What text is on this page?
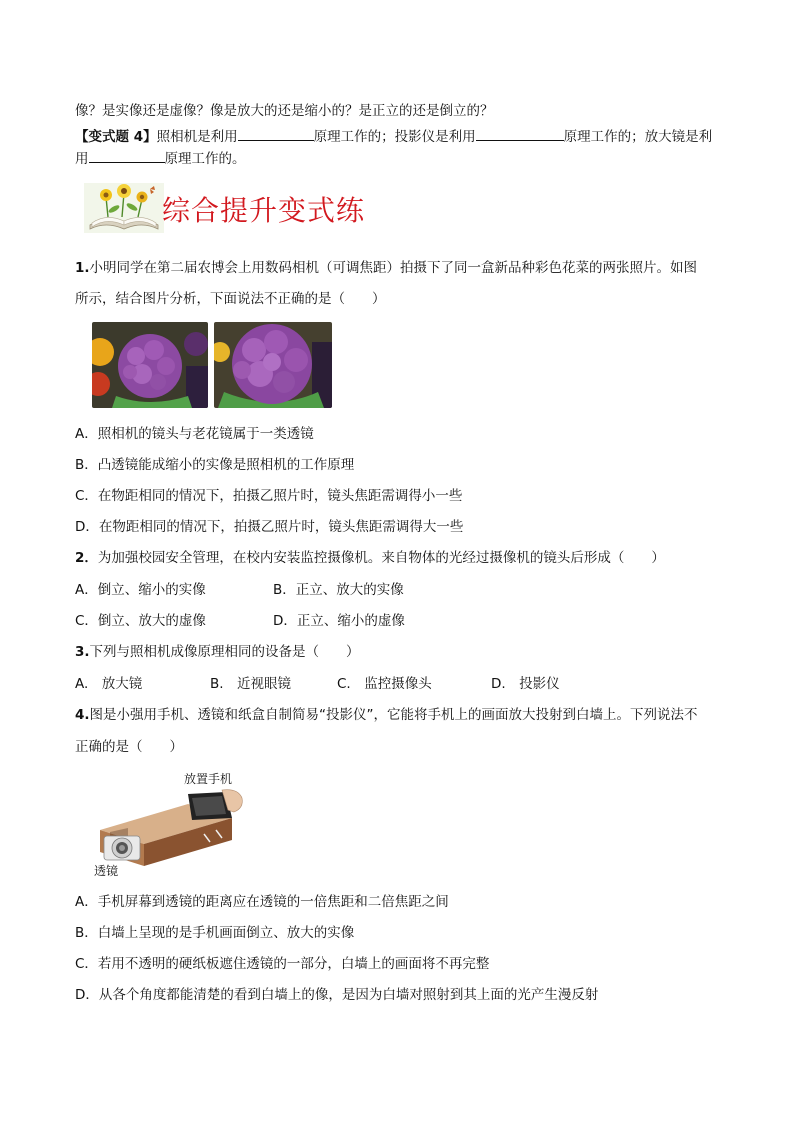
像？是实像还是虚像？像是放大的还是缩小的？是正立的还是倒立的？
【变式题 4】照相机是利用	原理工作的；投影仪是利用	原理工作的；放大镜是利
用	原理工作的。
综合提升变式练
1.小明同学在第二届农博会上用数码相机（可调焦距）拍摄下了同一盒新品种彩色花菜的两张照片。如图
所示，结合图片分析，下面说法不正确的是（　　）
A．照相机的镜头与老花镜属于一类透镜
B．凸透镜能成缩小的实像是照相机的工作原理
C．在物距相同的情况下，拍摄乙照片时，镜头焦距需调得小一些
D．在物距相同的情况下，拍摄乙照片时，镜头焦距需调得大一些
2．为加强校园安全管理，在校内安装监控摄像机。来自物体的光经过摄像机的镜头后形成（　　）
A．倒立、缩小的实像	B．正立、放大的实像
C．倒立、放大的虚像	D．正立、缩小的虚像
3.下列与照相机成像原理相同的设备是（　　）
A.　放大镜	B.　近视眼镜	C.　监控摄像头	D.　投影仪
4.图是小强用手机、透镜和纸盒自制简易“投影仪”，它能将手机上的画面放大投射到白墙上。下列说法不
正确的是（　　）
放置手机
透镜
A．手机屏幕到透镜的距离应在透镜的一倍焦距和二倍焦距之间
B．白墙上呈现的是手机画面倒立、放大的实像
C．若用不透明的硬纸板遮住透镜的一部分，白墙上的画面将不再完整
D．从各个角度都能清楚的看到白墙上的像，是因为白墙对照射到其上面的光产生漫反射
